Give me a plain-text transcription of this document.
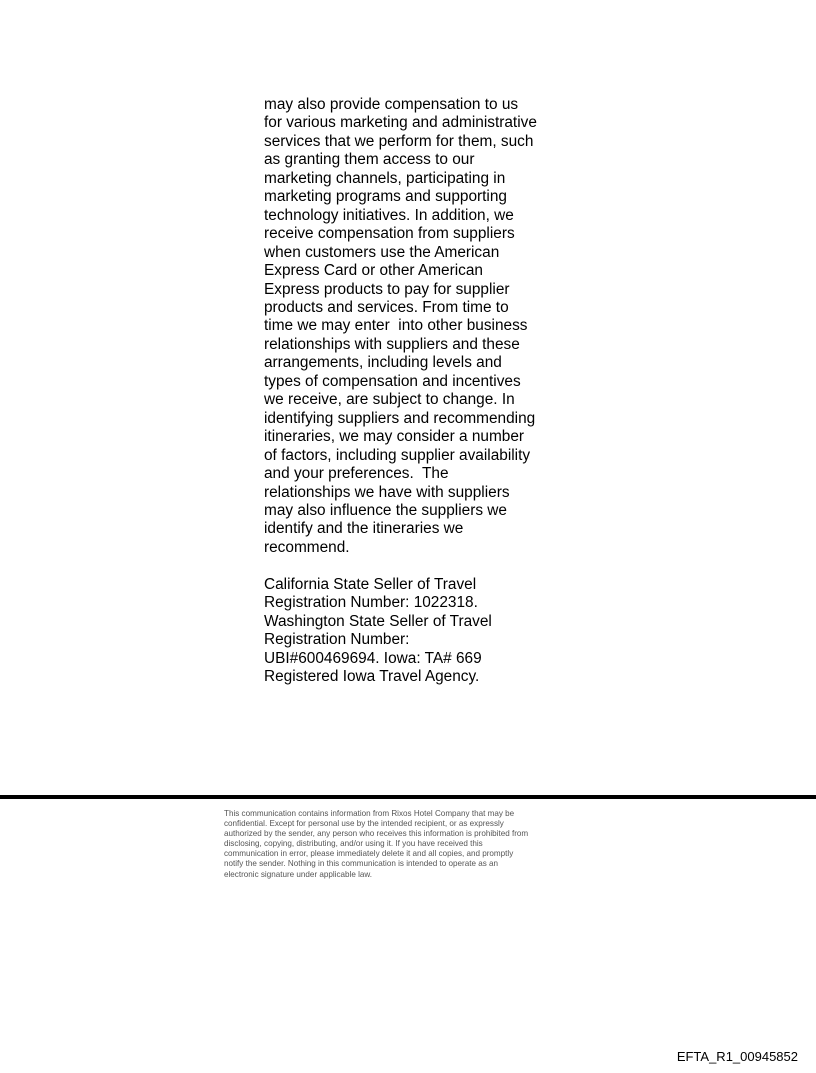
may also provide compensation to us
for various marketing and administrative
services that we perform for them, such
as granting them access to our
marketing channels, participating in
marketing programs and supporting
technology initiatives. In addition, we
receive compensation from suppliers
when customers use the American
Express Card or other American
Express products to pay for supplier
products and services. From time to
time we may enter  into other business
relationships with suppliers and these
arrangements, including levels and
types of compensation and incentives
we receive, are subject to change. In
identifying suppliers and recommending
itineraries, we may consider a number
of factors, including supplier availability
and your preferences.  The
relationships we have with suppliers
may also influence the suppliers we
identify and the itineraries we
recommend.
California State Seller of Travel
Registration Number: 1022318.
Washington State Seller of Travel
Registration Number:
UBI#600469694. Iowa: TA# 669
Registered Iowa Travel Agency.
This communication contains information from Rixos Hotel Company that may be
confidential. Except for personal use by the intended recipient, or as expressly
authorized by the sender, any person who receives this information is prohibited from
disclosing, copying, distributing, and/or using it. If you have received this
communication in error, please immediately delete it and all copies, and promptly
notify the sender. Nothing in this communication is intended to operate as an
electronic signature under applicable law.
EFTA_R1_00945852
